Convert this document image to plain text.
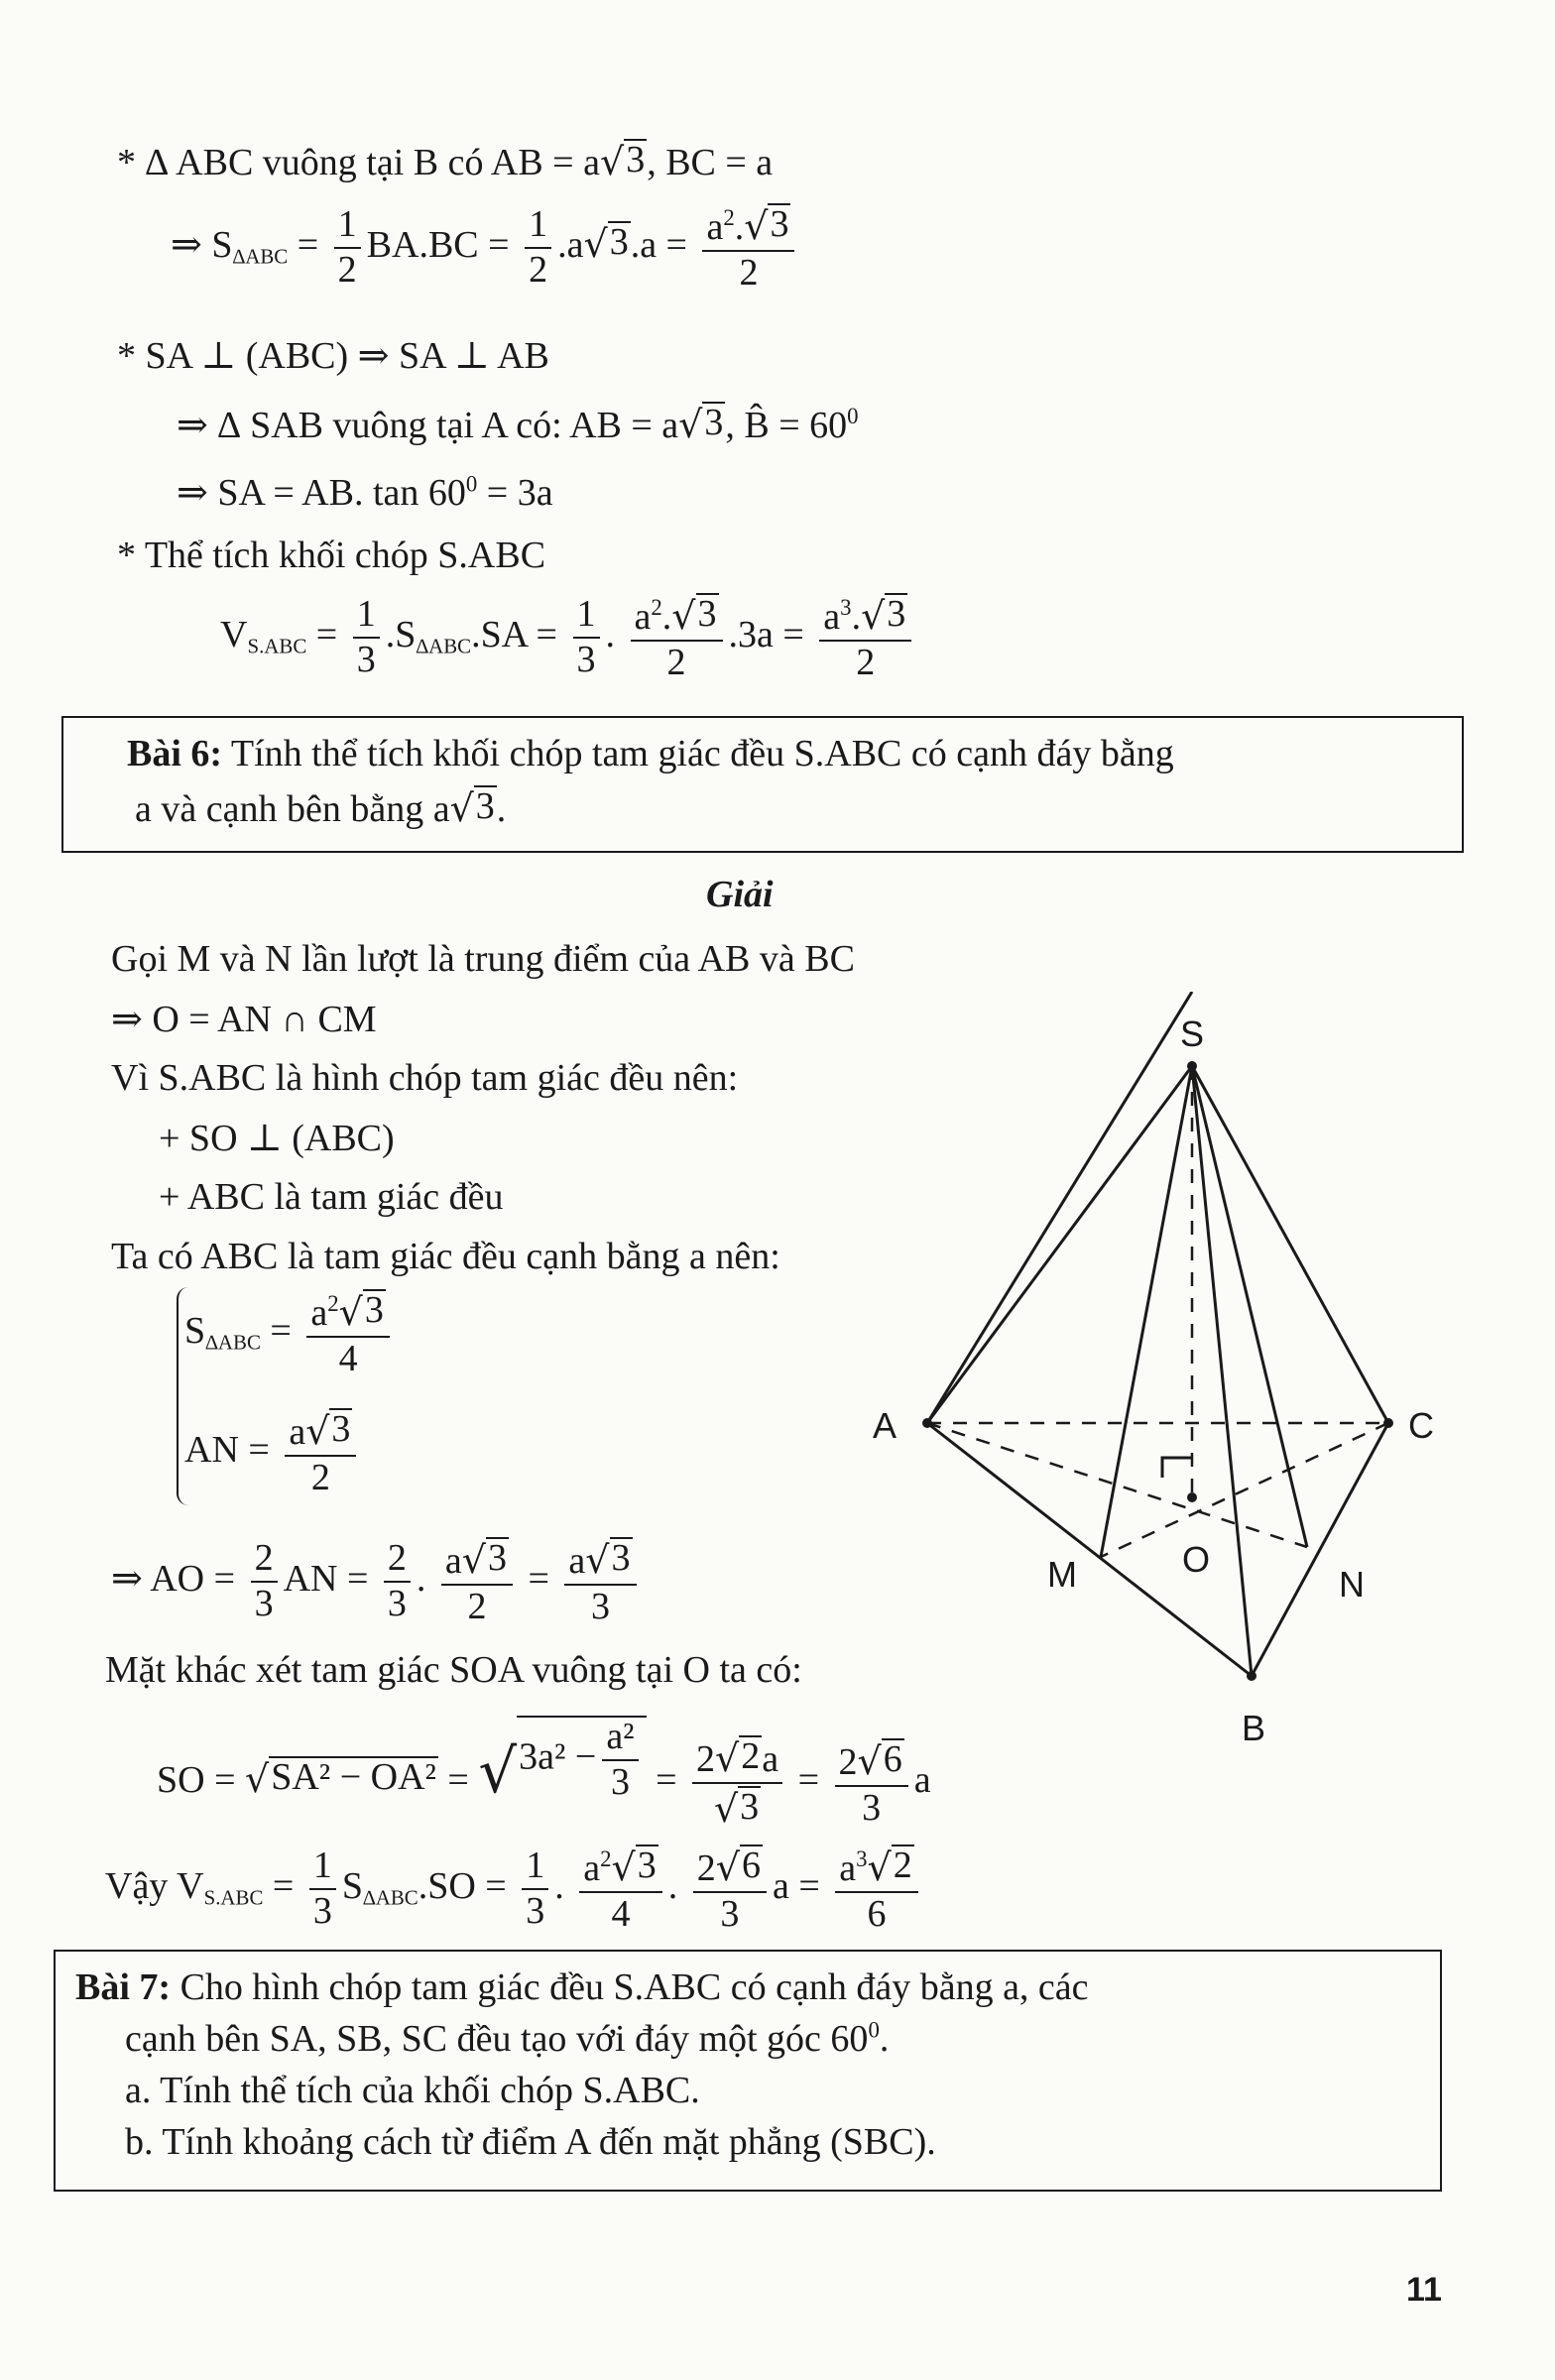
* ∆ ABC vuông tại B có AB = a √ 3 , BC = a
⇒ $S_{\Delta ABC} = \frac{1}{2} BA.BC = \frac{1}{2} .a$ √ 3 $.a = \frac{a^2. √ 3}{2}$
* SA ⊥ (ABC) ⇒ SA ⊥ AB
⇒ ∆ SAB vuông tại A có: AB = a √ 3 , B̂ = $60^0$
⇒ SA = AB. $\tan 60^0 = 3a$
* Thể tích khối chóp S.ABC
$V_{S.ABC} = \frac{1}{3} .S_{\Delta ABC}.SA = \frac{1}{3}$ . $\frac{a^2. √ 3}{2} .3a = \frac{a^3. √ 3}{2}$

Bài 6: Tính thể tích khối chóp tam giác đều S.ABC có cạnh đáy bằng

a và cạnh bên bằng a √ 3 .

Giải
Gọi M và N lần lượt là trung điểm của AB và BC
⇒ O = AN ∩ CM
Vì S.ABC là hình chóp tam giác đều nên:
+ SO ⊥ (ABC)
+ ABC là tam giác đều
Ta có ABC là tam giác đều cạnh bằng a nên:
$S_{\Delta ABC} = \frac{a^2 √ 3}{4}$
AN = $\frac{a √ 3}{2}$
⇒ AO = $\frac{2}{3}$ AN = $\frac{2}{3}$ . $\frac{a √ 3}{2} = \frac{a √ 3}{3}$
Mặt khác xét tam giác SOA vuông tại O ta có:
SO = √ SA² − OA² = √ $3a^2 - \frac{\text{a²}}{3} = \frac{2 √ 2 a}{√ 3} = \frac{2 √ 6}{3}$ a
Vậy $V_{S.ABC} = \frac{1}{3} S_{\Delta ABC}.SO = \frac{1}{3}$ . $\frac{a^2 √ 3}{4}$ . $\frac{2 √ 6}{3}$ $a = \frac{a^3 √ 2}{6}$
S
A	C
B
M	N
O

Bài 7: Cho hình chóp tam giác đều S.ABC có cạnh đáy bằng a, các

cạnh bên SA, SB, SC đều tạo với đáy một góc $60^0$.

a. Tính thể tích của khối chóp S.ABC.

b. Tính khoảng cách từ điểm A đến mặt phẳng (SBC).

11
